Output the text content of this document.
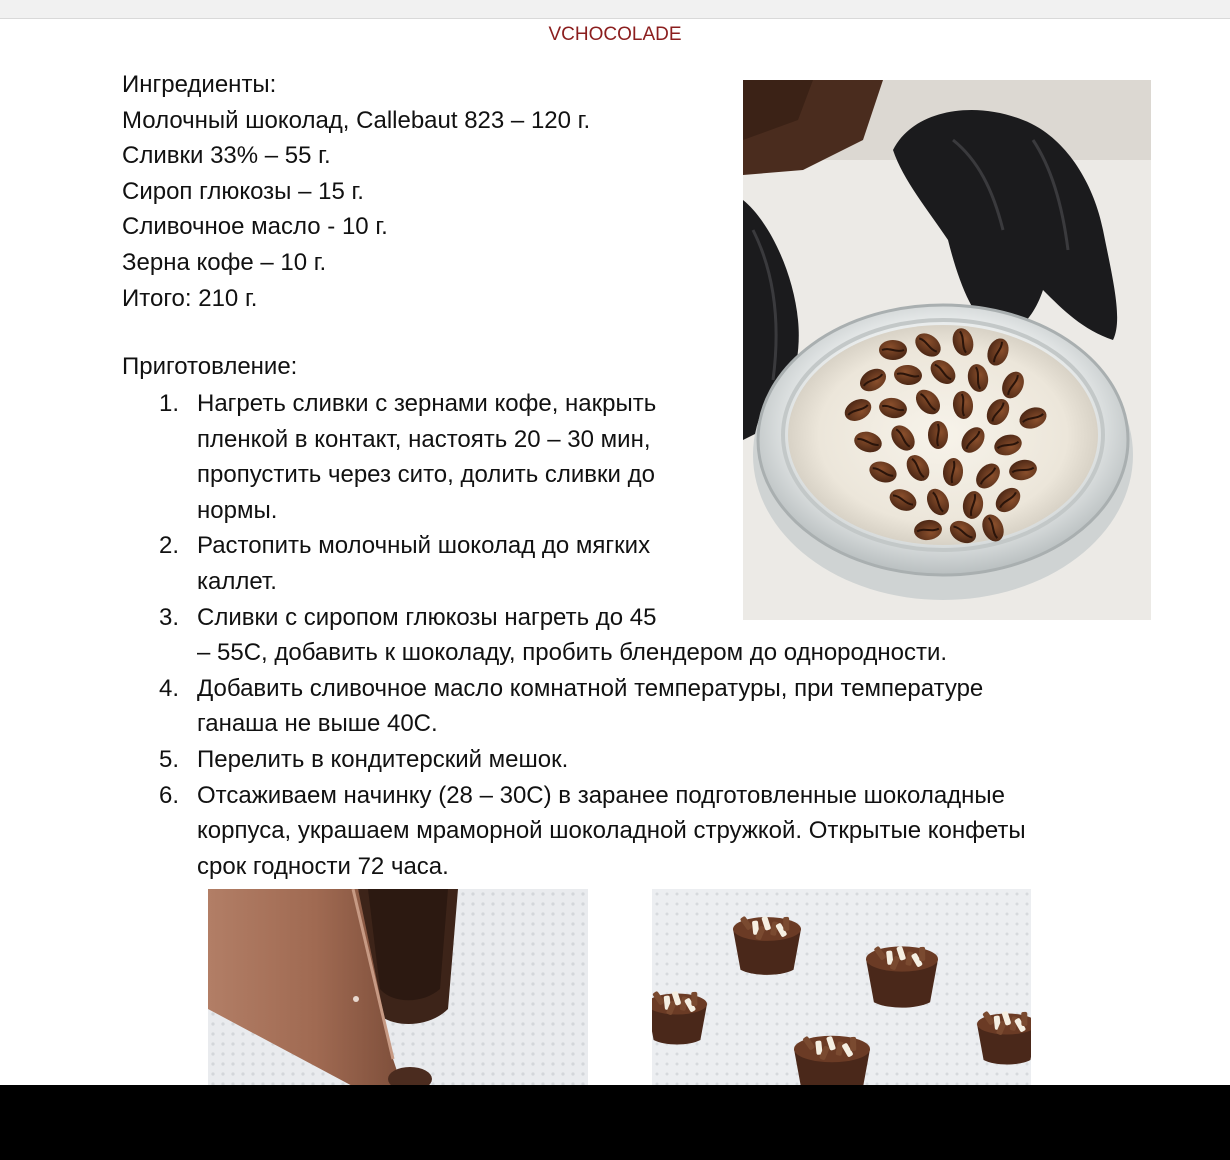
VCHOCOLADE
Ингредиенты:
Молочный шоколад, Callebaut 823 – 120 г.
Сливки 33% – 55 г.
Сироп глюкозы – 15 г.
Сливочное масло - 10 г.
Зерна кофе – 10 г.
Итого: 210 г.
Приготовление:
1. Нагреть сливки с зернами кофе, накрыть
пленкой в контакт, настоять 20 – 30 мин,
пропустить через сито, долить сливки до
нормы.
2. Растопить молочный шоколад до мягких
каллет.
3. Сливки с сиропом глюкозы нагреть до 45
– 55С, добавить к шоколаду, пробить блендером до однородности.
4. Добавить сливочное масло комнатной температуры, при температуре
ганаша не выше 40С.
5. Перелить в кондитерский мешок.
6. Отсаживаем начинку (28 – 30С) в заранее подготовленные шоколадные
корпуса, украшаем мраморной шоколадной стружкой. Открытые конфеты
срок годности 72 часа.
